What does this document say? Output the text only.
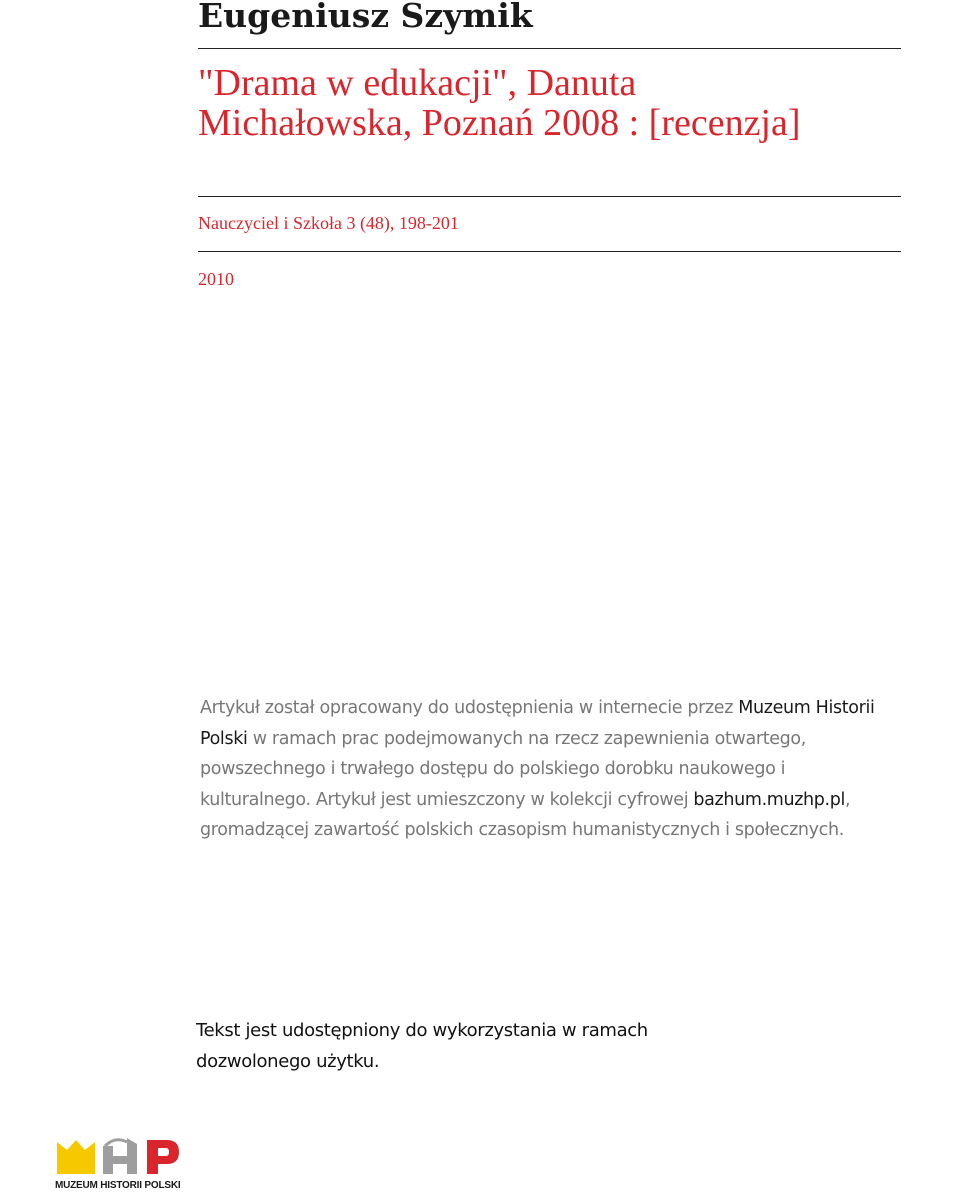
Eugeniusz Szymik
"Drama w edukacji", Danuta Michałowska, Poznań 2008 : [recenzja]
Nauczyciel i Szkoła 3 (48), 198-201
2010

Artykuł został opracowany do udostępnienia w internecie przez Muzeum Historii Polski w ramach prac podejmowanych na rzecz zapewnienia otwartego, powszechnego i trwałego dostępu do polskiego dorobku naukowego i kulturalnego. Artykuł jest umieszczony w kolekcji cyfrowej bazhum.muzhp.pl, gromadzącej zawartość polskich czasopism humanistycznych i społecznych.

Tekst jest udostępniony do wykorzystania w ramach dozwolonego użytku.

MUZEUM HISTORII POLSKI
